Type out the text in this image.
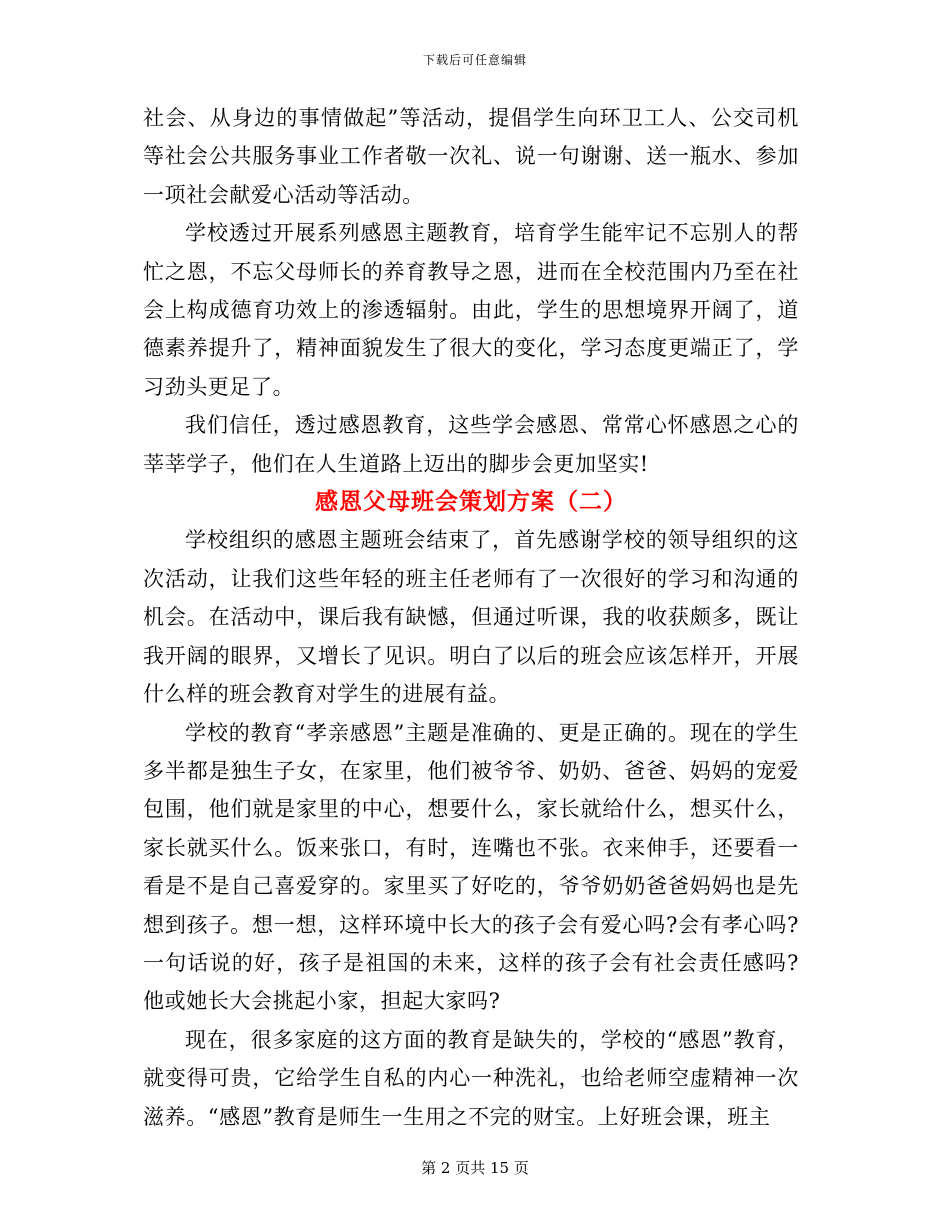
下载后可任意编辑

社会、从身边的事情做起”等活动，提倡学生向环卫工人、公交司机等社会公共服务事业工作者敬一次礼、说一句谢谢、送一瓶水、参加一项社会献爱心活动等活动。

学校透过开展系列感恩主题教育，培育学生能牢记不忘别人的帮忙之恩，不忘父母师长的养育教导之恩，进而在全校范围内乃至在社会上构成德育功效上的渗透辐射。由此，学生的思想境界开阔了，道德素养提升了，精神面貌发生了很大的变化，学习态度更端正了，学习劲头更足了。

我们信任，透过感恩教育，这些学会感恩、常常心怀感恩之心的莘莘学子，他们在人生道路上迈出的脚步会更加坚实!

感恩父母班会策划方案（二）

学校组织的感恩主题班会结束了，首先感谢学校的领导组织的这次活动，让我们这些年轻的班主任老师有了一次很好的学习和沟通的机会。在活动中，课后我有缺憾，但通过听课，我的收获颇多，既让我开阔的眼界，又增长了见识。明白了以后的班会应该怎样开，开展什么样的班会教育对学生的进展有益。

学校的教育“孝亲感恩”主题是准确的、更是正确的。现在的学生多半都是独生子女，在家里，他们被爷爷、奶奶、爸爸、妈妈的宠爱包围，他们就是家里的中心，想要什么，家长就给什么，想买什么，家长就买什么。饭来张口，有时，连嘴也不张。衣来伸手，还要看一看是不是自己喜爱穿的。家里买了好吃的，爷爷奶奶爸爸妈妈也是先想到孩子。想一想，这样环境中长大的孩子会有爱心吗?会有孝心吗?一句话说的好，孩子是祖国的未来，这样的孩子会有社会责任感吗?他或她长大会挑起小家，担起大家吗?

现在，很多家庭的这方面的教育是缺失的，学校的“感恩”教育，就变得可贵，它给学生自私的内心一种洗礼，也给老师空虚精神一次滋养。“感恩”教育是师生一生用之不完的财宝。上好班会课，班主

第 2 页共 15 页
